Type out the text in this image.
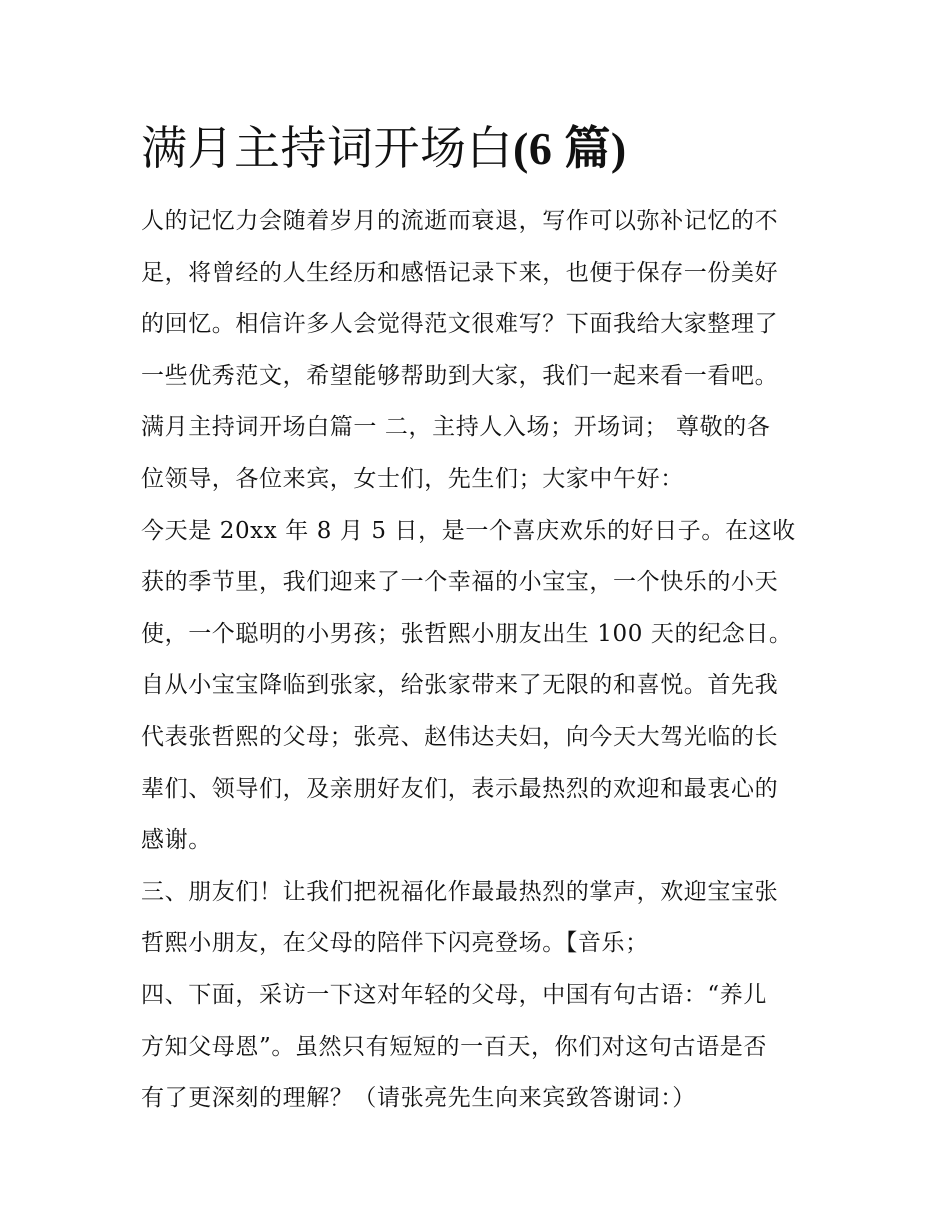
满月主持词开场白(6 篇)
人的记忆力会随着岁月的流逝而衰退，写作可以弥补记忆的不
足，将曾经的人生经历和感悟记录下来，也便于保存一份美好
的回忆。相信许多人会觉得范文很难写？下面我给大家整理了
一些优秀范文，希望能够帮助到大家，我们一起来看一看吧。
满月主持词开场白篇一 二，主持人入场；开场词； 尊敬的各
位领导，各位来宾，女士们，先生们；大家中午好：
今天是 20xx 年 8 月 5 日，是一个喜庆欢乐的好日子。在这收
获的季节里，我们迎来了一个幸福的小宝宝，一个快乐的小天
使，一个聪明的小男孩；张哲熙小朋友出生 100 天的纪念日。
自从小宝宝降临到张家，给张家带来了无限的和喜悦。首先我
代表张哲熙的父母；张亮、赵伟达夫妇，向今天大驾光临的长
辈们、领导们，及亲朋好友们，表示最热烈的欢迎和最衷心的
感谢。
三、朋友们！让我们把祝福化作最最热烈的掌声，欢迎宝宝张
哲熙小朋友，在父母的陪伴下闪亮登场。【音乐；
四、下面，采访一下这对年轻的父母，中国有句古语：“养儿
方知父母恩”。虽然只有短短的一百天，你们对这句古语是否
有了更深刻的理解？（请张亮先生向来宾致答谢词：）
